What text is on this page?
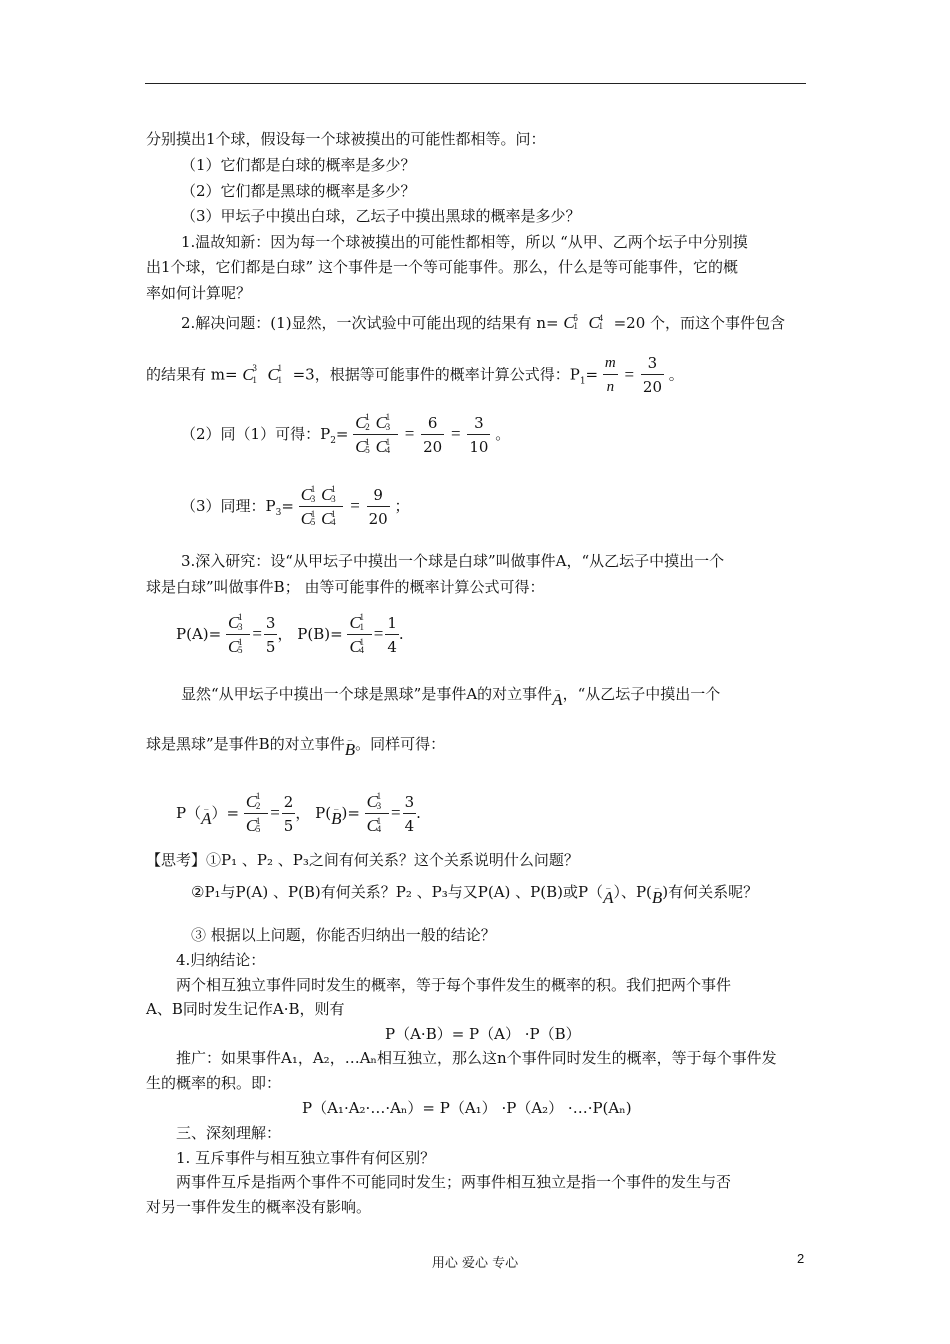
分别摸出1个球，假设每一个球被摸出的可能性都相等。问：
（1）它们都是白球的概率是多少？
（2）它们都是黑球的概率是多少？
（3）甲坛子中摸出白球，乙坛子中摸出黑球的概率是多少？
1.温故知新：因为每一个球被摸出的可能性都相等，所以 “从甲、乙两个坛子中分别摸
出1个球，它们都是白球” 这个事件是一个等可能事件。那么，什么是等可能事件，它的概
率如何计算呢？
2.解决问题：(1)显然，一次试验中可能出现的结果有 n= C
1
5 C
1
4 =20 个，而这个事件包含
的结果有 m= C
1
3 C
1
1 =3，根据等可能事件的概率计算公式得：$P_1= \frac{m}{n} = \frac{3}{20}$ 。
（2）同（1）可得：$P_2= C$
1
2 C
1
3
C
1
5 C
1
$4 = \frac{6}{20} = \frac{3}{10}$ 。
（3）同理：$P_3= C$
1
3 C
1
3
C
1
5 C
1
$4 = \frac{9}{20}$ ；
3.深入研究：设“从甲坛子中摸出一个球是白球”叫做事件A，“从乙坛子中摸出一个
球是白球”叫做事件B； 由等可能事件的概率计算公式可得：
P(A)= C
1
3
C
1
$5 = \frac{3}{5}$ ， P(B)= C
1
1
C
1
$4 = \frac{1}{4}$ .
显然“从甲坛子中摸出一个球是黑球”是事件A的对立事件 _
A ，“从乙坛子中摸出一个
球是黑球”是事件B的对立事件 _
B 。同样可得：
P（ _
A ）= C
1
2
C
1
$5 = \frac{2}{5}$ ， P( _
B )= C
1
3
C
1
$4 = \frac{3}{4}$ .
【思考】①P₁ 、P₂ 、P₃之间有何关系？这个关系说明什么问题？
②P₁与P(A) 、P(B)有何关系？P₂ 、P₃与又P(A) 、P(B)或P（ _
A ）、P( _
B )有何关系呢？
③ 根据以上问题，你能否归纳出一般的结论？
4.归纳结论：
两个相互独立事件同时发生的概率，等于每个事件发生的概率的积。我们把两个事件
A、B同时发生记作A·B，则有
P（A·B）= P（A） ·P（B）
推广：如果事件A₁，A₂，…Aₙ相互独立，那么这n个事件同时发生的概率，等于每个事件发
生的概率的积。即：
P（A₁·A₂·…·Aₙ）= P（A₁） ·P（A₂） ·…·P(Aₙ)
三、深刻理解：
1. 互斥事件与相互独立事件有何区别？
两事件互斥是指两个事件不可能同时发生；两事件相互独立是指一个事件的发生与否
对另一事件发生的概率没有影响。
用心 爱心 专心	2
